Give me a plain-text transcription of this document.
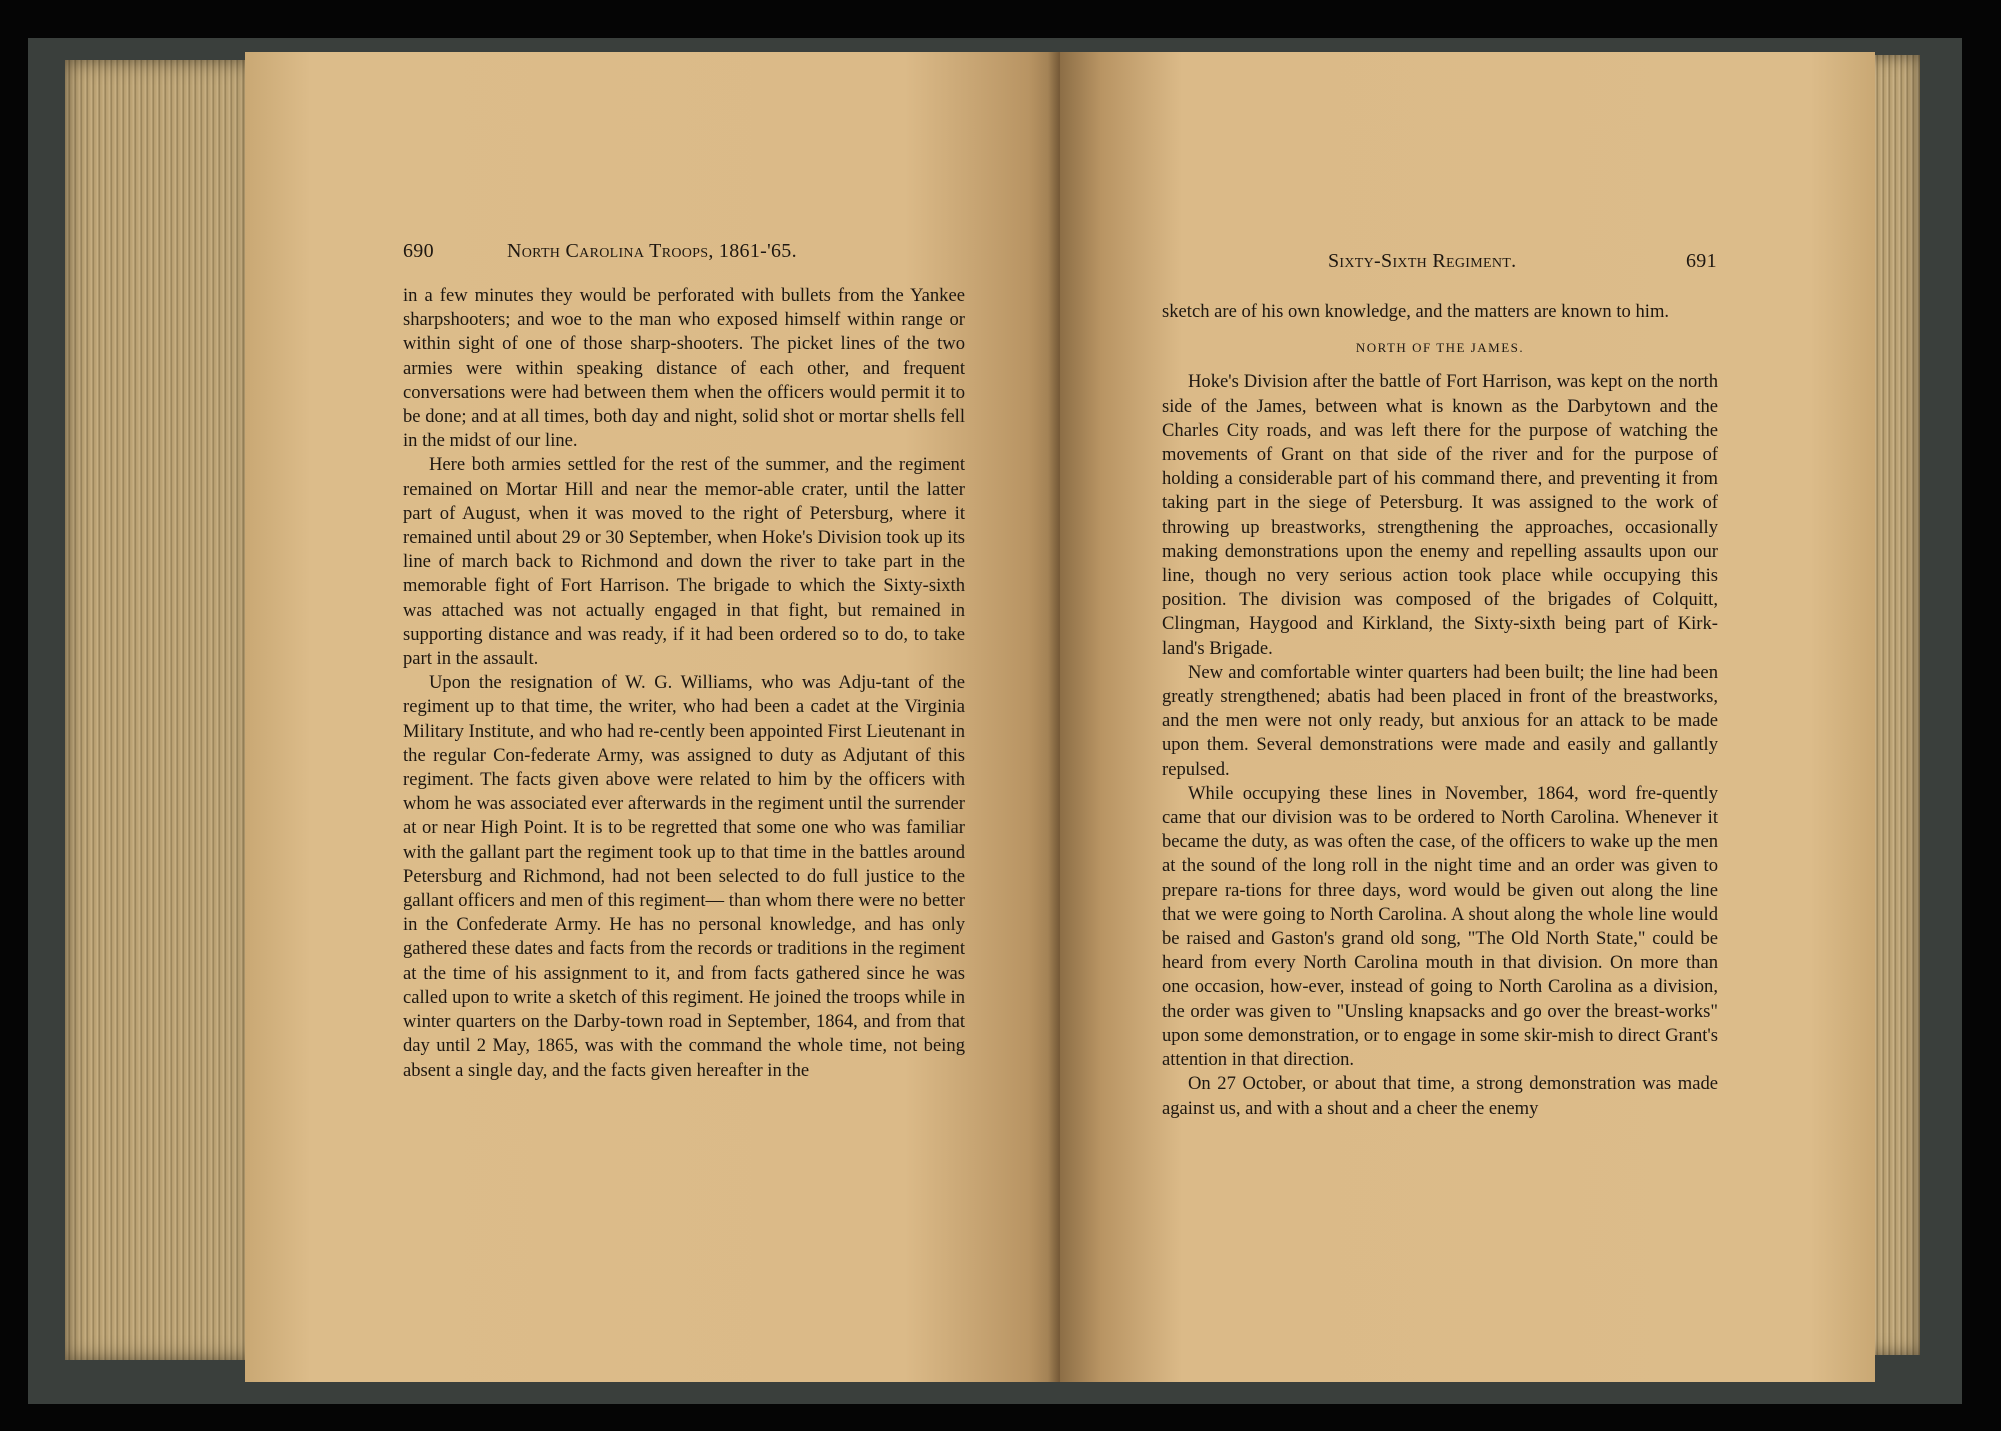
690	North Carolina Troops, 1861-'65.

in a few minutes they would be perforated with bullets from the Yankee sharpshooters; and woe to the man who exposed himself within range or within sight of one of those sharp-shooters. The picket lines of the two armies were within speaking distance of each other, and frequent conversations were had between them when the officers would permit it to be done; and at all times, both day and night, solid shot or mortar shells fell in the midst of our line.

Here both armies settled for the rest of the summer, and the regiment remained on Mortar Hill and near the memor-able crater, until the latter part of August, when it was moved to the right of Petersburg, where it remained until about 29 or 30 September, when Hoke's Division took up its line of march back to Richmond and down the river to take part in the memorable fight of Fort Harrison. The brigade to which the Sixty-sixth was attached was not actually engaged in that fight, but remained in supporting distance and was ready, if it had been ordered so to do, to take part in the assault.

Upon the resignation of W. G. Williams, who was Adju-tant of the regiment up to that time, the writer, who had been a cadet at the Virginia Military Institute, and who had re-cently been appointed First Lieutenant in the regular Con-federate Army, was assigned to duty as Adjutant of this regiment. The facts given above were related to him by the officers with whom he was associated ever afterwards in the regiment until the surrender at or near High Point. It is to be regretted that some one who was familiar with the gallant part the regiment took up to that time in the battles around Petersburg and Richmond, had not been selected to do full justice to the gallant officers and men of this regiment— than whom there were no better in the Confederate Army. He has no personal knowledge, and has only gathered these dates and facts from the records or traditions in the regiment at the time of his assignment to it, and from facts gathered since he was called upon to write a sketch of this regiment. He joined the troops while in winter quarters on the Darby-town road in September, 1864, and from that day until 2 May, 1865, was with the command the whole time, not being absent a single day, and the facts given hereafter in the

Sixty-Sixth Regiment.	691

sketch are of his own knowledge, and the matters are known to him.

NORTH OF THE JAMES.

Hoke's Division after the battle of Fort Harrison, was kept on the north side of the James, between what is known as the Darbytown and the Charles City roads, and was left there for the purpose of watching the movements of Grant on that side of the river and for the purpose of holding a considerable part of his command there, and preventing it from taking part in the siege of Petersburg. It was assigned to the work of throwing up breastworks, strengthening the approaches, occasionally making demonstrations upon the enemy and repelling assaults upon our line, though no very serious action took place while occupying this position. The division was composed of the brigades of Colquitt, Clingman, Haygood and Kirkland, the Sixty-sixth being part of Kirk-land's Brigade.

New and comfortable winter quarters had been built; the line had been greatly strengthened; abatis had been placed in front of the breastworks, and the men were not only ready, but anxious for an attack to be made upon them. Several demonstrations were made and easily and gallantly repulsed.

While occupying these lines in November, 1864, word fre-quently came that our division was to be ordered to North Carolina. Whenever it became the duty, as was often the case, of the officers to wake up the men at the sound of the long roll in the night time and an order was given to prepare ra-tions for three days, word would be given out along the line that we were going to North Carolina. A shout along the whole line would be raised and Gaston's grand old song, "The Old North State," could be heard from every North Carolina mouth in that division. On more than one occasion, how-ever, instead of going to North Carolina as a division, the order was given to "Unsling knapsacks and go over the breast-works" upon some demonstration, or to engage in some skir-mish to direct Grant's attention in that direction.

On 27 October, or about that time, a strong demonstration was made against us, and with a shout and a cheer the enemy
